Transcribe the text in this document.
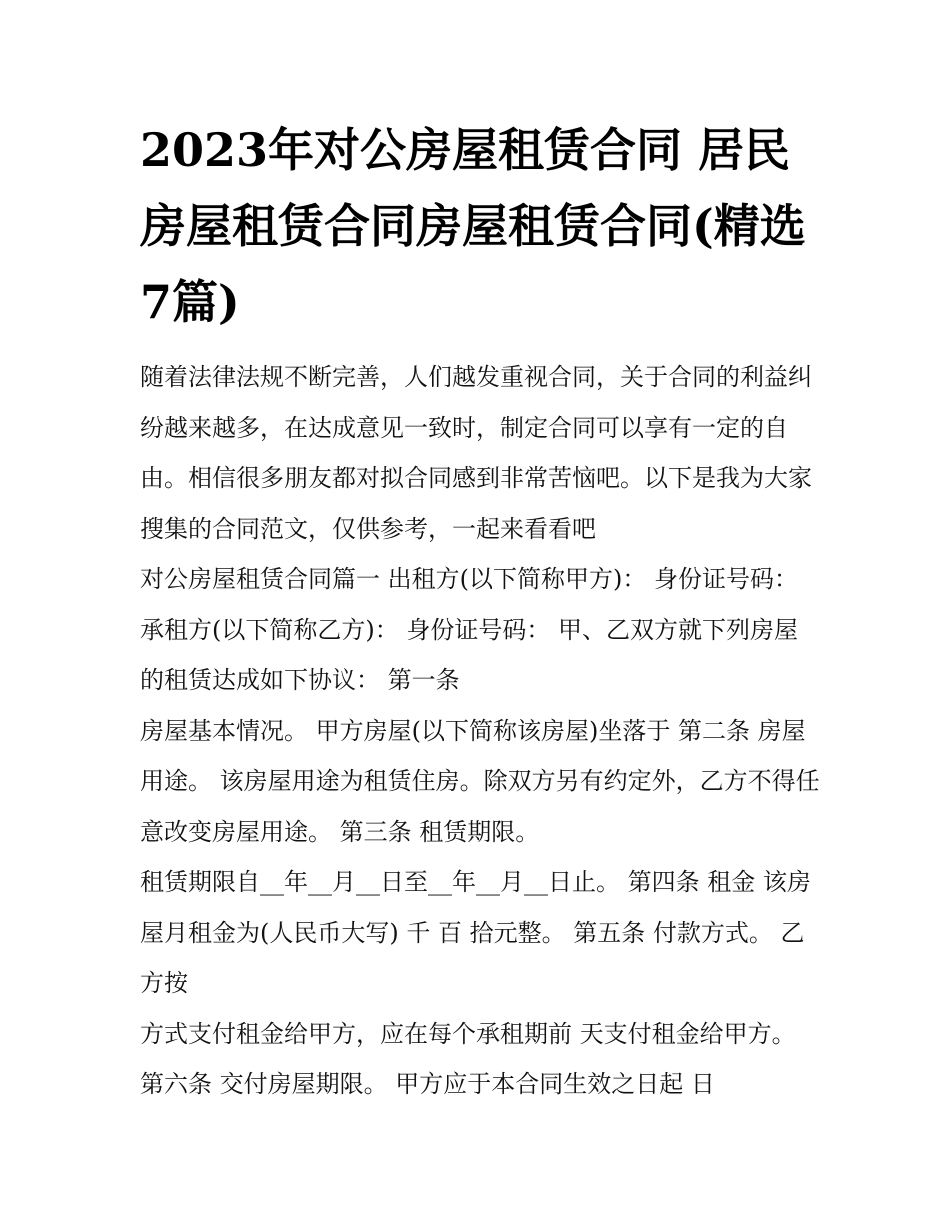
2023年对公房屋租赁合同 居民房屋租赁合同房屋租赁合同(精选7篇)

随着法律法规不断完善，人们越发重视合同，关于合同的利益纠纷越来越多，在达成意见一致时，制定合同可以享有一定的自由。相信很多朋友都对拟合同感到非常苦恼吧。以下是我为大家搜集的合同范文，仅供参考，一起来看看吧

对公房屋租赁合同篇一 出租方(以下简称甲方)： 身份证号码： 承租方(以下简称乙方)： 身份证号码： 甲、乙双方就下列房屋的租赁达成如下协议： 第一条

房屋基本情况。 甲方房屋(以下简称该房屋)坐落于 第二条 房屋用途。 该房屋用途为租赁住房。除双方另有约定外，乙方不得任意改变房屋用途。 第三条 租赁期限。

租赁期限自__年__月__日至__年__月__日止。 第四条 租金 该房屋月租金为(人民币大写) 千 百 拾元整。 第五条 付款方式。 乙方按

方式支付租金给甲方，应在每个承租期前 天支付租金给甲方。 第六条 交付房屋期限。 甲方应于本合同生效之日起 日
